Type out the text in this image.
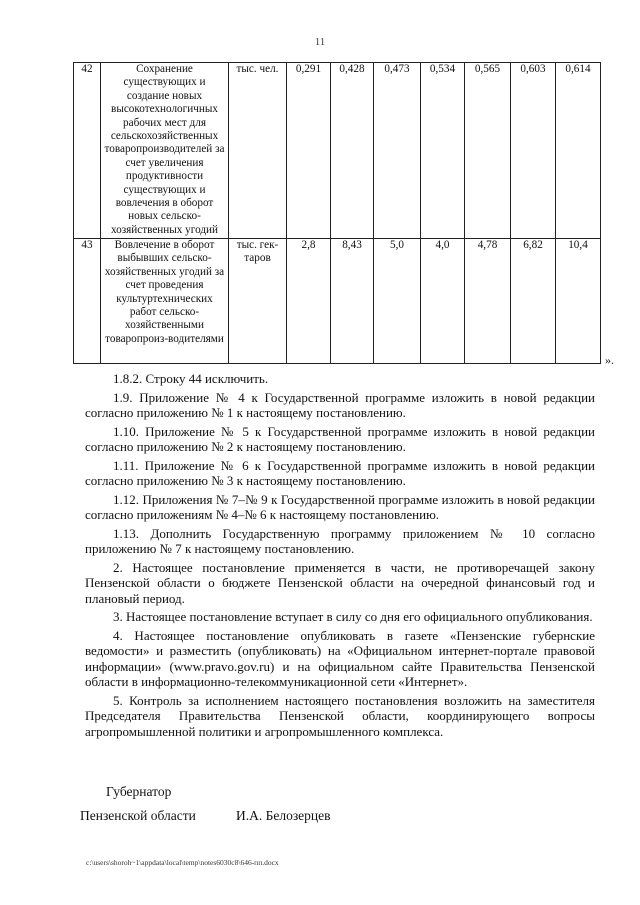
11
42	Сохранение существующих и создание новых высокотехнологичных рабочих мест для сельскохозяйственных товаропроизводителей за счет увеличения продуктивности существующих и вовлечения в оборот новых сельско-хозяйственных угодий	тыс. чел.	0,291	0,428	0,473	0,534	0,565	0,603	0,614
43	Вовлечение в оборот выбывших сельско-хозяйственных угодий за счет проведения культуртехнических работ сельско-хозяйственными товаропроиз-водителями	тыс. гек-таров	2,8	8,43	5,0	4,0	4,78	6,82	10,4
».

1.8.2. Строку 44 исключить.

1.9. Приложение № 4 к Государственной программе изложить в новой редакции согласно приложению № 1 к настоящему постановлению.

1.10. Приложение № 5 к Государственной программе изложить в новой редакции согласно приложению № 2 к настоящему постановлению.

1.11. Приложение № 6 к Государственной программе изложить в новой редакции согласно приложению № 3 к настоящему постановлению.

1.12. Приложения № 7–№ 9 к Государственной программе изложить в новой редакции согласно приложениям № 4–№ 6 к настоящему постановлению.

1.13. Дополнить Государственную программу приложением № 10 согласно приложению № 7 к настоящему постановлению.

2. Настоящее постановление применяется в части, не противоречащей закону Пензенской области о бюджете Пензенской области на очередной финансовый год и плановый период.

3. Настоящее постановление вступает в силу со дня его официального опубликования.

4. Настоящее постановление опубликовать в газете «Пензенские губернские ведомости» и разместить (опубликовать) на «Официальном интернет-портале правовой информации» (www.pravo.gov.ru) и на официальном сайте Правительства Пензенской области в информационно-телекоммуникационной сети «Интернет».

5. Контроль за исполнением настоящего постановления возложить на заместителя Председателя Правительства Пензенской области, координирующего вопросы агропромышленной политики и агропромышленного комплекса.

Губернатор
Пензенской области	И.А. Белозерцев
c:\users\shoroh~1\appdata\local\temp\notes6030c8\646-пп.docx
